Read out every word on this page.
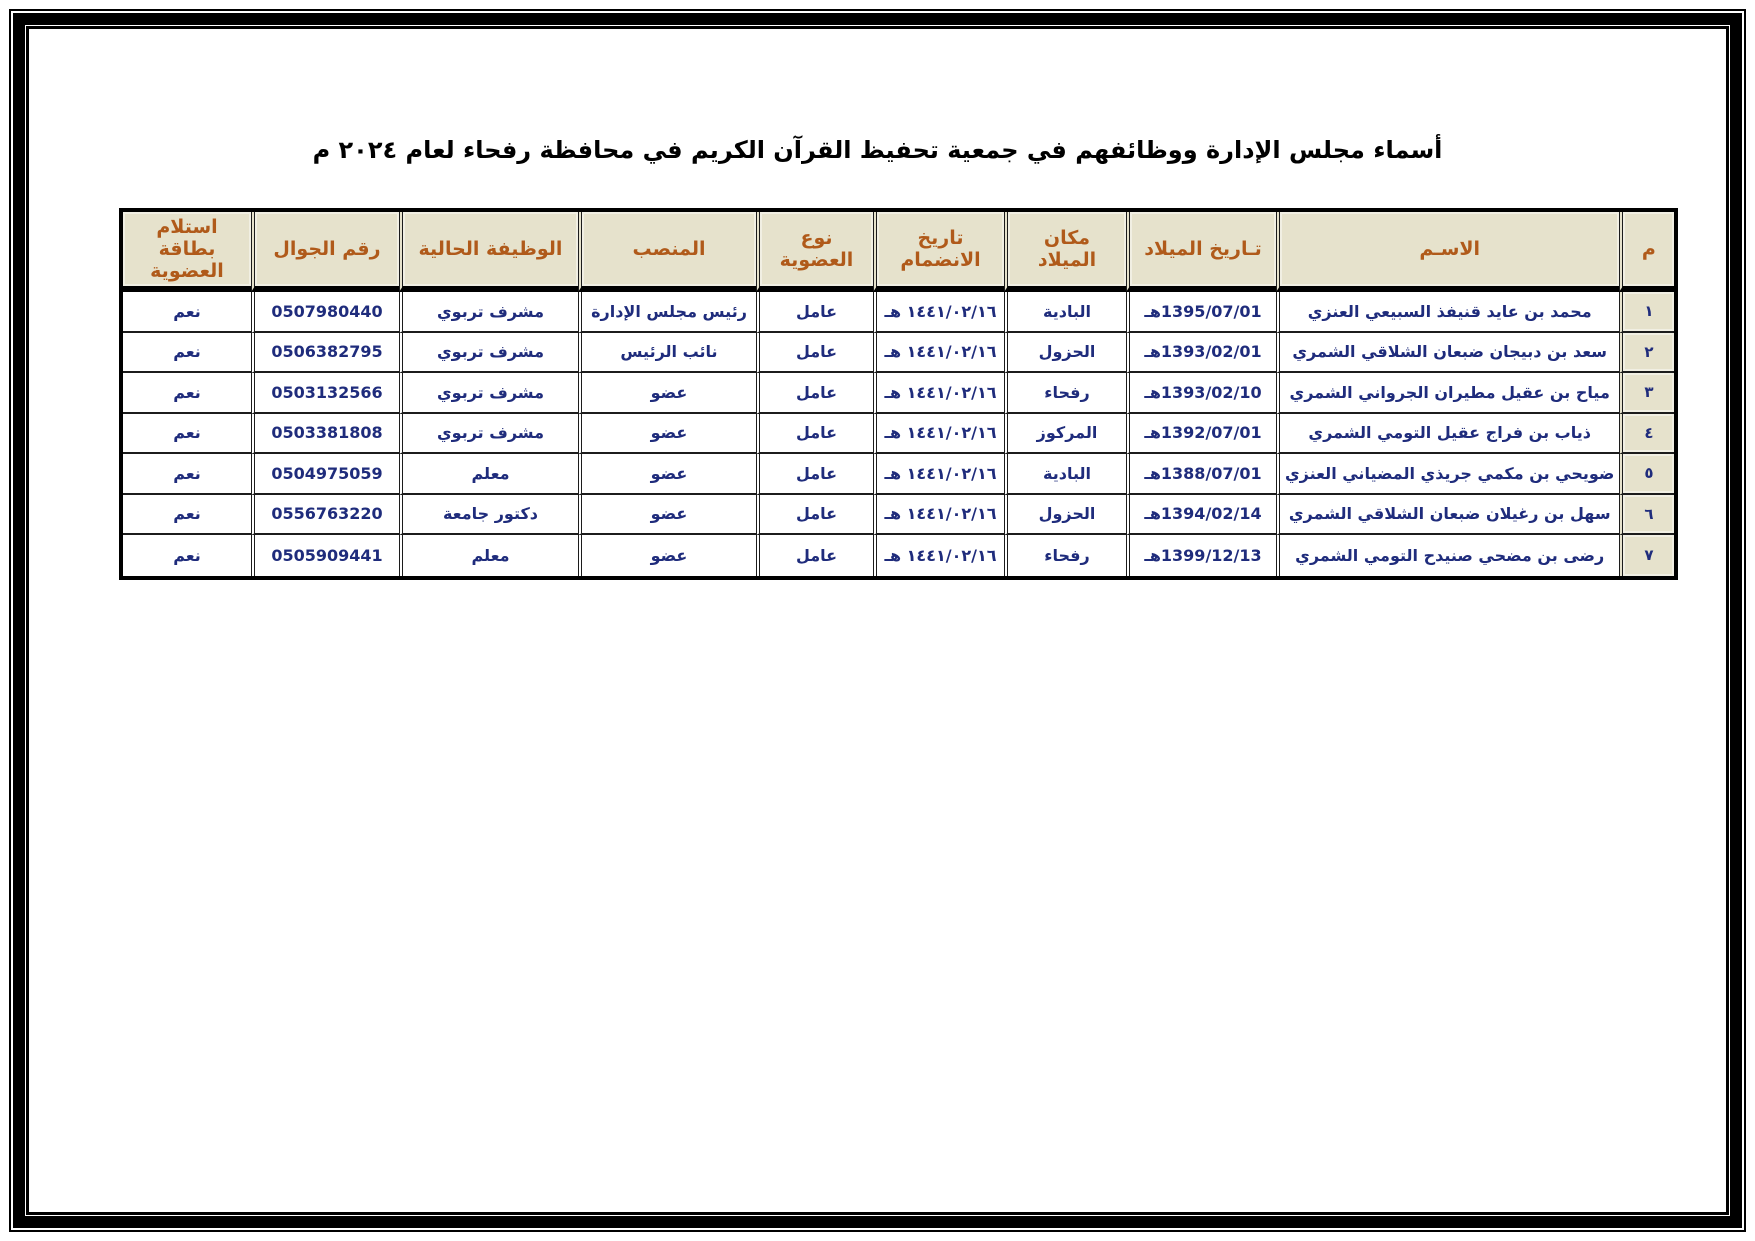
أسماء مجلس الإدارة ووظائفهم في جمعية تحفيظ القرآن الكريم في محافظة رفحاء لعام ٢٠٢٤ م
م	الاسـم	تـاريخ الميلاد	مكان الميلاد	تاريخ الانضمام	نوع العضوية	المنصب	الوظيفة الحالية	رقم الجوال	استلام بطاقة العضوية
١	محمد بن عايد قنيفذ السبيعي العنزي	1395/07/01هـ	البادية	١٤٤١/٠٢/١٦ هـ	عامل	رئيس مجلس الإدارة	مشرف تربوي	0507980440	نعم
٢	سعد بن دبيجان ضبعان الشلاقي الشمري	1393/02/01هـ	الحزول	١٤٤١/٠٢/١٦ هـ	عامل	نائب الرئيس	مشرف تربوي	0506382795	نعم
٣	مياح بن عقيل مطيران الجرواني الشمري	1393/02/10هـ	رفحاء	١٤٤١/٠٢/١٦ هـ	عامل	عضو	مشرف تربوي	0503132566	نعم
٤	ذياب بن فراج عقيل التومي الشمري	1392/07/01هـ	المركوز	١٤٤١/٠٢/١٦ هـ	عامل	عضو	مشرف تربوي	0503381808	نعم
٥	ضويحي بن مكمي جريذي المضياني العنزي	1388/07/01هـ	البادية	١٤٤١/٠٢/١٦ هـ	عامل	عضو	معلم	0504975059	نعم
٦	سهل بن رغيلان ضبعان الشلاقي الشمري	1394/02/14هـ	الحزول	١٤٤١/٠٢/١٦ هـ	عامل	عضو	دكتور جامعة	0556763220	نعم
٧	رضى بن مضحي صنيدح التومي الشمري	1399/12/13هـ	رفحاء	١٤٤١/٠٢/١٦ هـ	عامل	عضو	معلم	0505909441	نعم
